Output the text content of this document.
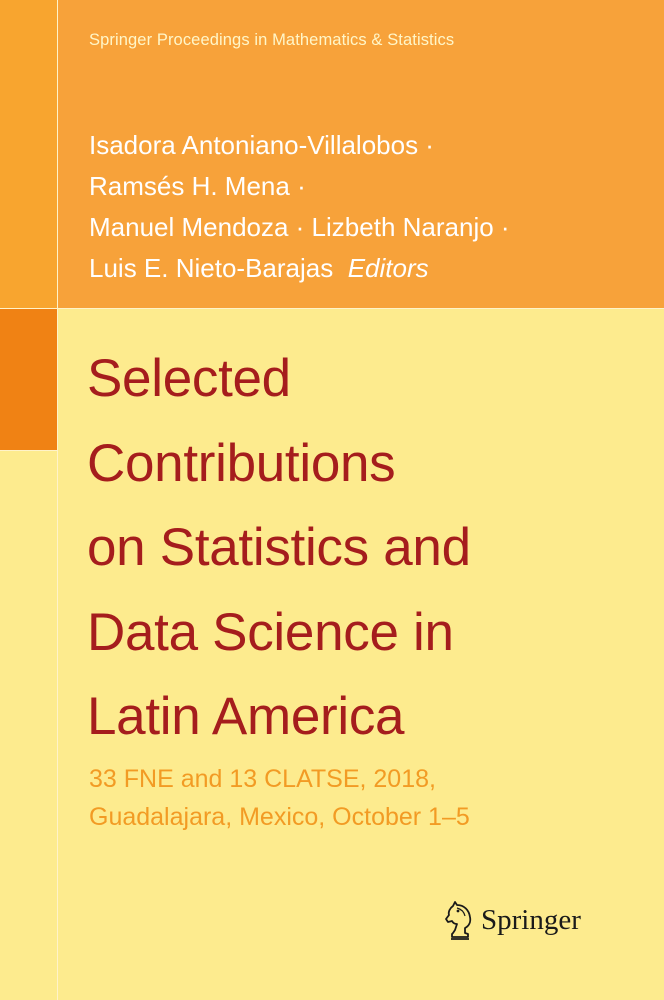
Springer Proceedings in Mathematics & Statistics
Isadora Antoniano-Villalobos ·
Ramsés H. Mena ·
Manuel Mendoza · Lizbeth Naranjo ·
Luis E. Nieto-Barajas Editors
Selected
Contributions
on Statistics and
Data Science in
Latin America
33 FNE and 13 CLATSE, 2018,
Guadalajara, Mexico, October 1–5
Springer
